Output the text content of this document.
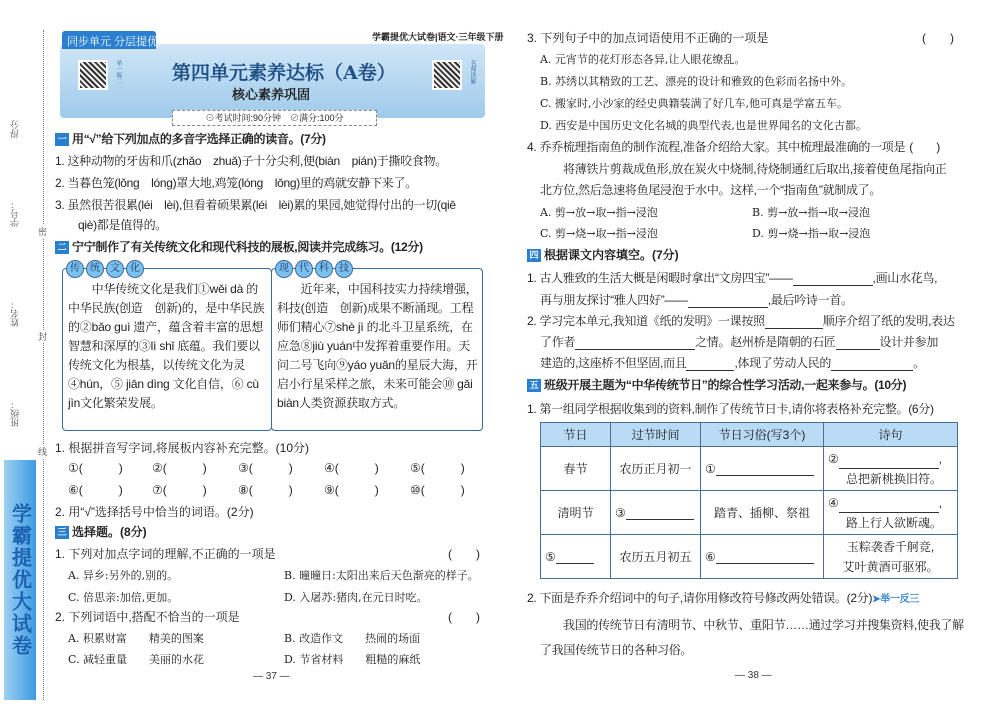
得分
学号：
姓名：
班级：
密
封
线
学霸提优大试卷
同步单元 分层提优	学霸提优大试卷|语文·三年级下册
单一练二	名师讲解
第四单元素养达标（A卷）
核心素养巩固
⊙考试时间:90分钟　 ⊘满分:100分
一 用“√”给下列加点的多音字选择正确的读音。(7分)
1. 这种动物的牙齿和爪(zhǎo　zhuǎ)子十分尖利,便(biàn　pián)于撕咬食物。
2. 当暮色笼(lǒng　lóng)罩大地,鸡笼(lóng　lǒng)里的鸡就安静下来了。
3. 虽然很苦很累(léi　lèi),但看着硕果累(léi　lèi)累的果园,她觉得付出的一切(qiē
qiè)都是值得的。
二 宁宁制作了有关传统文化和现代科技的展板,阅读并完成练习。(12分)
传	统	文	化
　　中华传统文化是我们①wěi dà 的中华民族(创造　创新)的，是中华民族的②bǎo guì 遗产，蕴含着丰富的思想智慧和深厚的③lì shǐ 底蕴。我们要以传统文化为根基，以传统文化为灵④hún，⑤ jiān dìng 文化自信，⑥ cù jìn文化繁荣发展。
现	代	科	技
　　近年来，中国科技实力持续增强，科技(创造　创新)成果不断涌现。工程师们精心⑦shè jì 的北斗卫星系统，在应急⑧jiù yuán中发挥着重要作用。天问二号飞向⑨yáo yuǎn的星辰大海，开启小行星采样之旅，未来可能会⑩ gǎi biàn人类资源获取方式。
1. 根据拼音写字词,将展板内容补充完整。(10分)
①(　　　) ②(　　　)	③(　　　)	④(　　　)	⑤(　　　)
⑥(　　　) ⑦(　　　)	⑧(　　　)	⑨(　　　)	⑩(　　　)
2. 用“√”选择括号中恰当的词语。(2分)
三 选择题。(8分)
1. 下列对加点字词的理解,不正确的一项是	(　　)
A. 异乡:另外的,别的。	B. 曈曈日:太阳出来后天色渐亮的样子。
C. 倍思亲:加倍,更加。	D. 入屠苏:猪肉,在元日时吃。
2. 下列词语中,搭配不恰当的一项是	(　　)
A. 积累财富　　精美的图案	B. 改造作文　　热闹的场面
C. 减轻重量　　美丽的水花	D. 节省材料　　粗糙的麻纸
— 37 —
3. 下列句子中的加点词语使用不正确的一项是	(　　)
A. 元宵节的花灯形态各异,让人眼花缭乱。
B. 苏绣以其精致的工艺、漂亮的设计和雅致的色彩而名扬中外。
C. 搬家时,小沙家的经史典籍装满了好几车,他可真是学富五车。
D. 西安是中国历史文化名城的典型代表,也是世界闻名的文化古都。
4. 乔乔梳理指南鱼的制作流程,准备介绍给大家。其中梳理最准确的一项是 (　　)
将薄铁片剪裁成鱼形,放在炭火中烧制,待烧制通红后取出,接着使鱼尾指向正
北方位,然后急速将鱼尾浸泡于水中。这样,一个“指南鱼”就制成了。
A. 剪→放→取→指→浸泡	B. 剪→放→指→取→浸泡
C. 剪→烧→取→指→浸泡	D. 剪→烧→指→取→浸泡
四 根据课文内容填空。(7分)
1. 古人雅致的生活大概是闲暇时拿出“文房四宝”——	,画山水花鸟,
再与朋友探讨“雅人四好”——	,最后吟诗一首。
2. 学习完本单元,我知道《纸的发明》一课按照	顺序介绍了纸的发明,表达
了作者	之情。赵州桥是隋朝的石匠	设计并参加
建造的,这座桥不但坚固,而且	,体现了劳动人民的	。
五 班级开展主题为“中华传统节日”的综合性学习活动,一起来参与。(10分)
1. 第一组同学根据收集到的资料,制作了传统节日卡,请你将表格补充完整。(6分)
节日	过节时间	节日习俗(写3个)	诗句
春节	农历正月初一	①	② ,
总把新桃换旧符。
清明节	③	踏青、插柳、祭祖	④ ,
路上行人欲断魂。
⑤	农历五月初五	⑥	玉粽袭香千舸竞,
艾叶黄酒可驱邪。
2. 下面是乔乔介绍词中的句子,请你用修改符号修改两处错误。(2分)➤举一反三
我国的传统节日有清明节、中秋节、重阳节……通过学习并搜集资料,使我了解
了我国传统节日的各种习俗。
— 38 —
